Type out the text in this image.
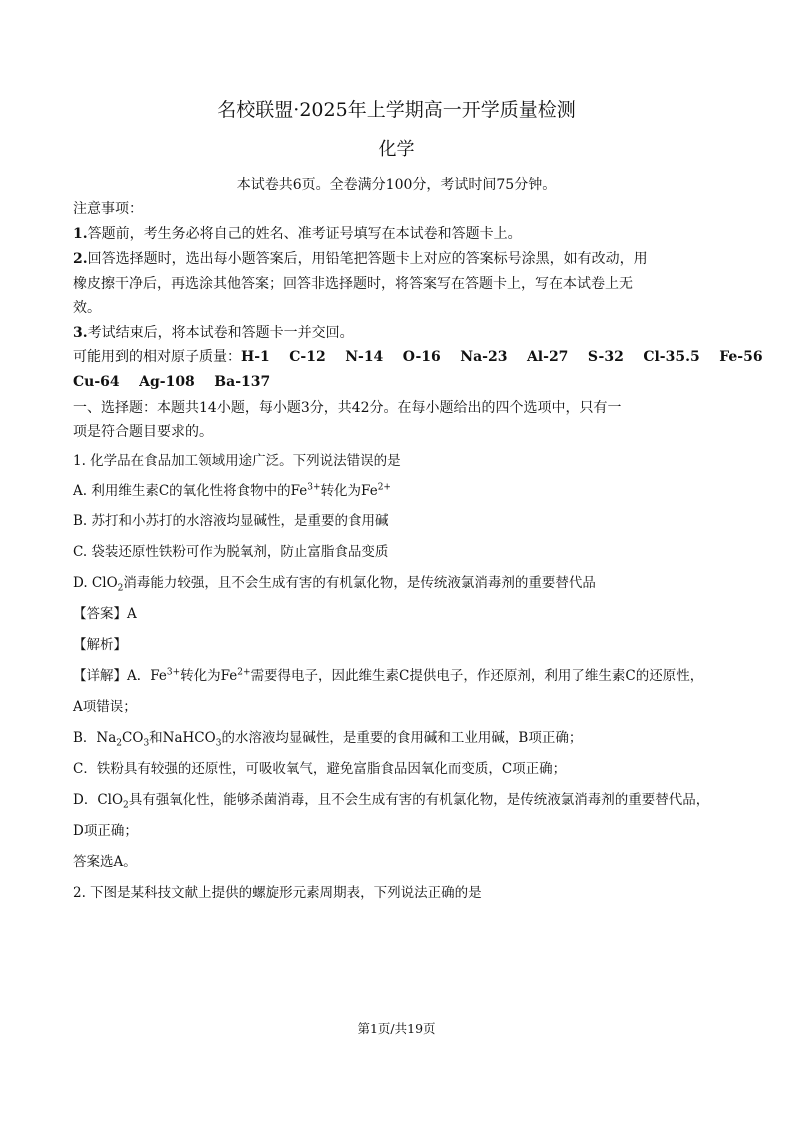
名校联盟·2025年上学期高一开学质量检测
化学
本试卷共6页。全卷满分100分，考试时间75分钟。
注意事项：
1.答题前，考生务必将自己的姓名、准考证号填写在本试卷和答题卡上。
2.回答选择题时，选出每小题答案后，用铅笔把答题卡上对应的答案标号涂黑，如有改动，用
橡皮擦干净后，再选涂其他答案；回答非选择题时，将答案写在答题卡上，写在本试卷上无
效。
3.考试结束后，将本试卷和答题卡一并交回。
可能用到的相对原子质量：H-1    C-12    N-14    O-16    Na-23    Al-27    S-32    Cl-35.5    Fe-56
Cu-64    Ag-108    Ba-137
一、选择题：本题共14小题，每小题3分，共42分。在每小题给出的四个选项中，只有一
项是符合题目要求的。
1. 化学品在食品加工领域用途广泛。下列说法错误的是
A. 利用维生素C的氧化性将食物中的$Fe^{3+}$转化为$Fe^{2+}$
B. 苏打和小苏打的水溶液均显碱性，是重要的食用碱
C. 袋装还原性铁粉可作为脱氧剂，防止富脂食品变质
D. ClO$_2$消毒能力较强，且不会生成有害的有机氯化物，是传统液氯消毒剂的重要替代品
【答案】A
【解析】
【详解】A．$Fe^{3+}$转化为$Fe^{2+}$需要得电子，因此维生素C提供电子，作还原剂，利用了维生素C的还原性，
A项错误；
B．$Na_2CO_3$和NaHCO$_3$的水溶液均显碱性，是重要的食用碱和工业用碱，B项正确；
C．铁粉具有较强的还原性，可吸收氧气，避免富脂食品因氧化而变质，C项正确；
D．ClO$_2$具有强氧化性，能够杀菌消毒，且不会生成有害的有机氯化物，是传统液氯消毒剂的重要替代品，
D项正确；
答案选A。
2. 下图是某科技文献上提供的螺旋形元素周期表，下列说法正确的是
第1页/共19页
